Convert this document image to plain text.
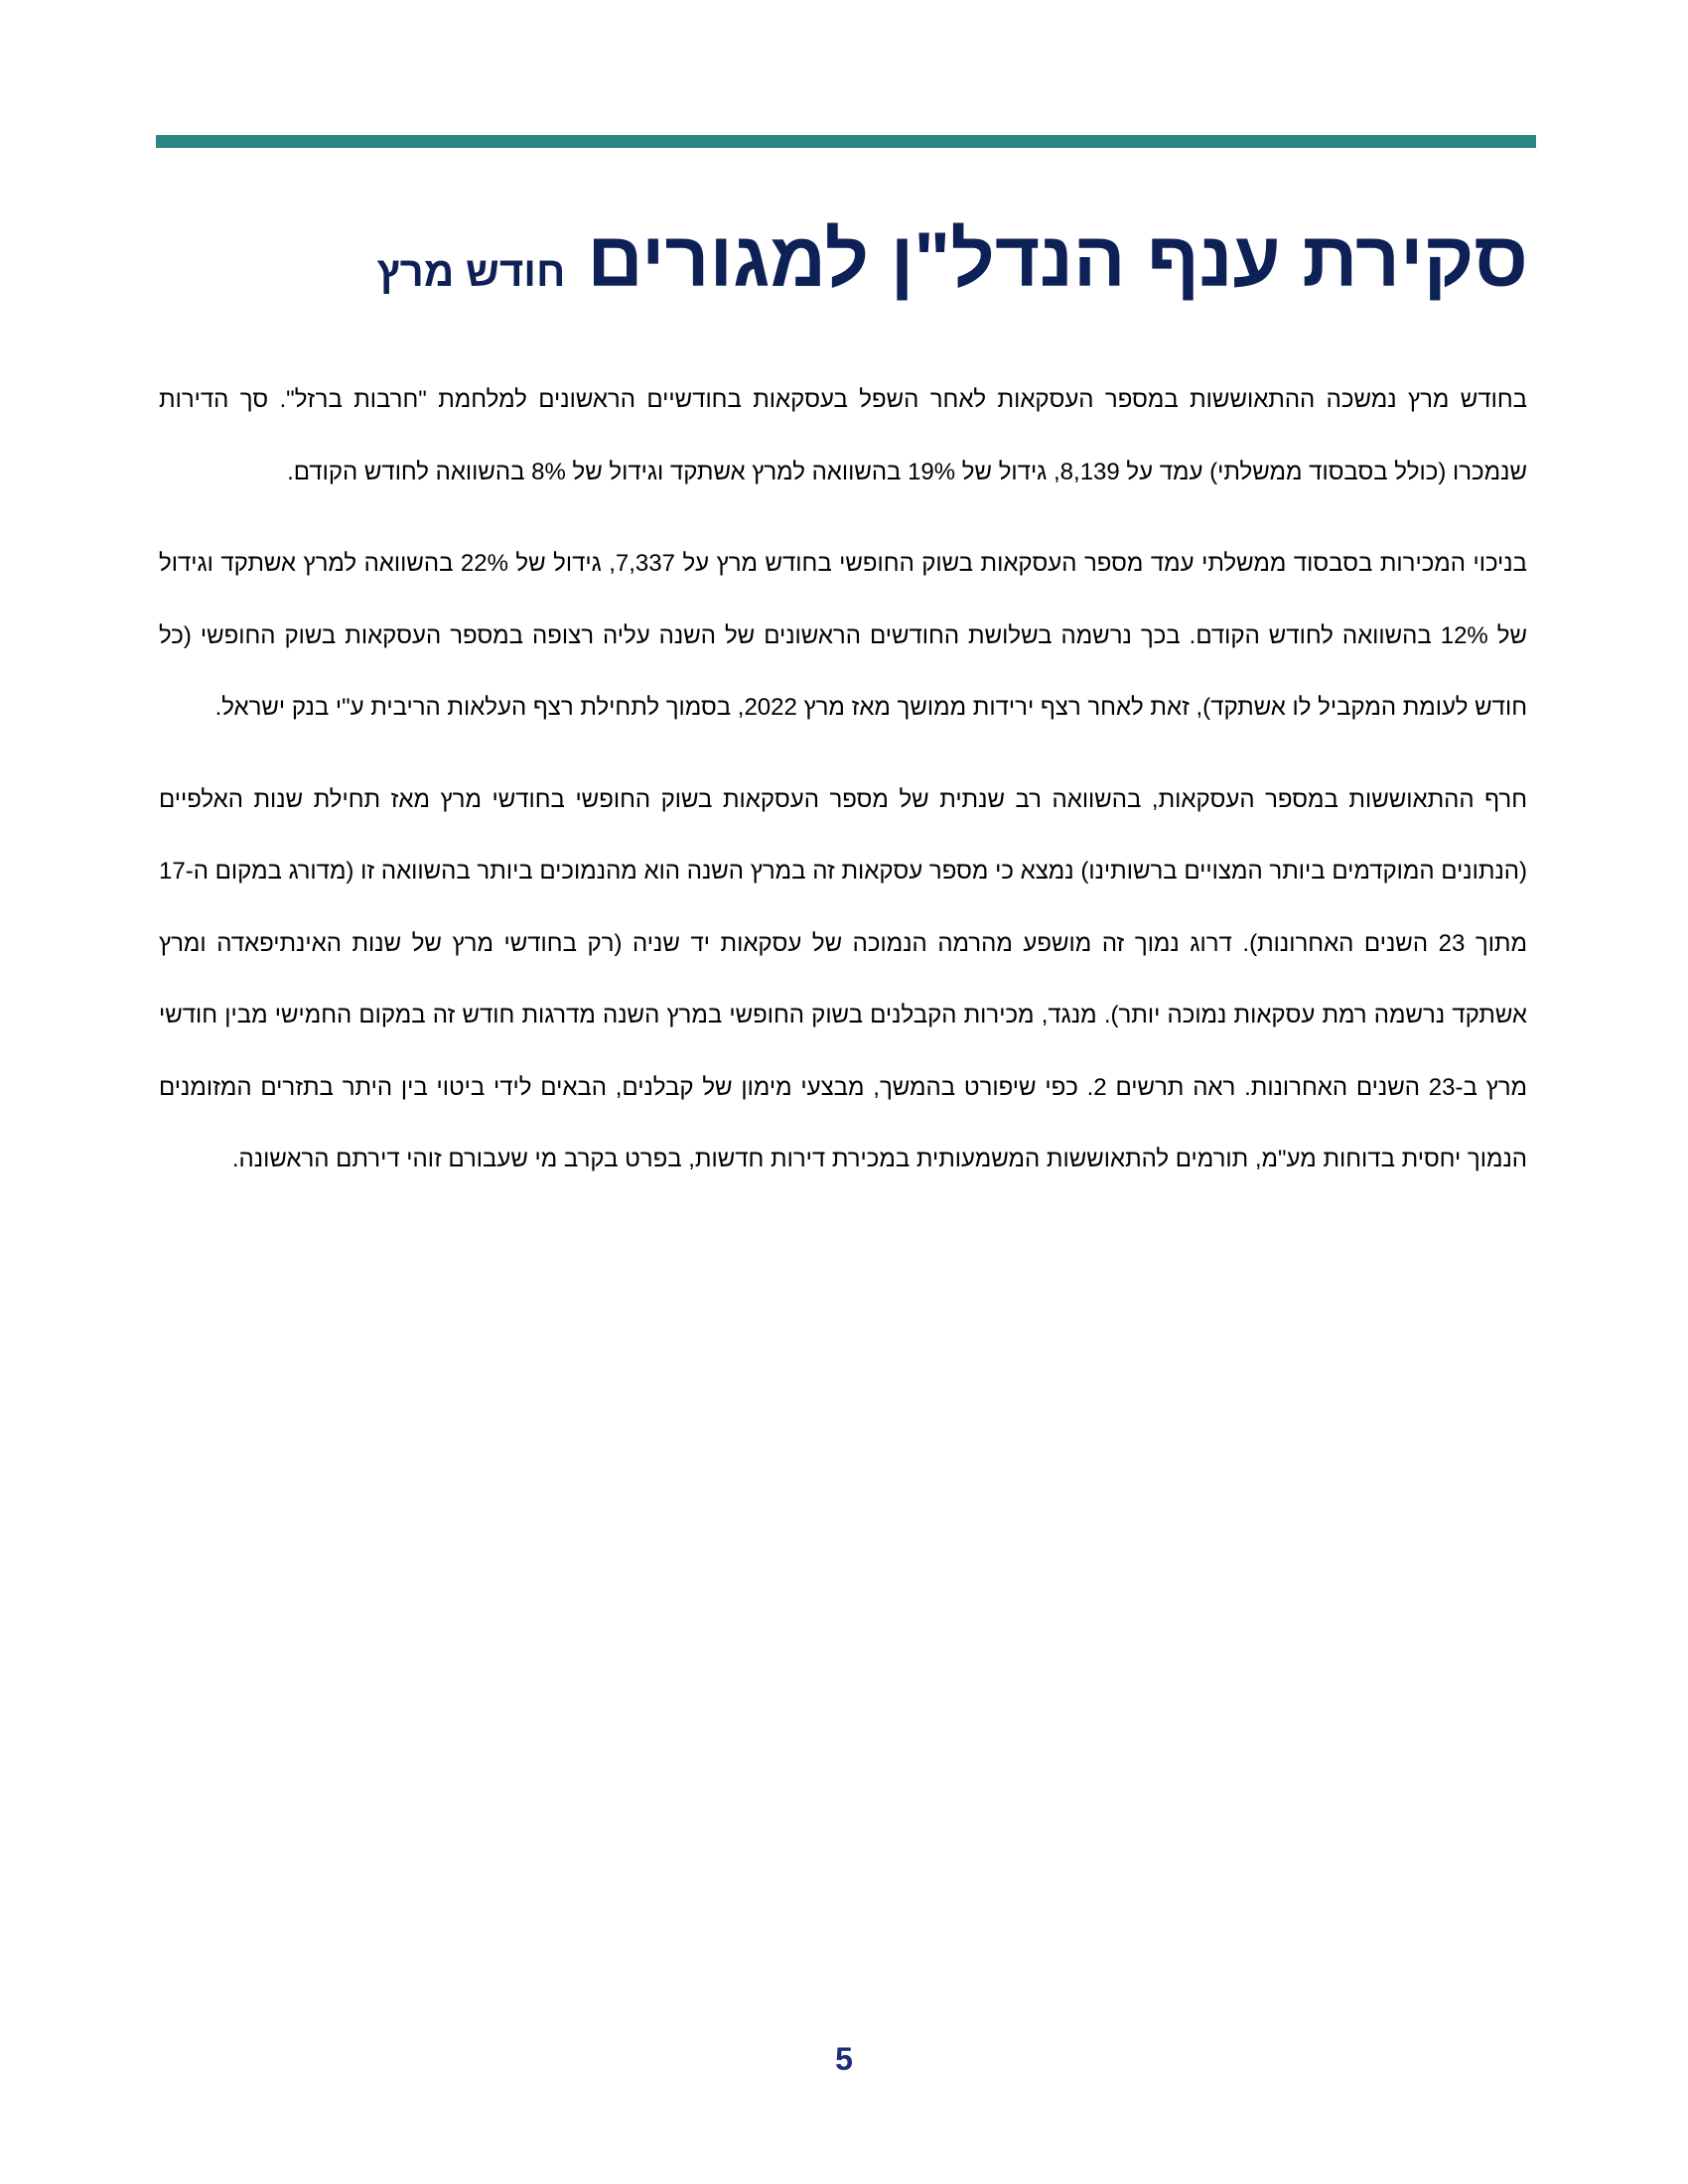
סקירת ענף הנדל"ן למגוריםחודש מרץ

בחודש מרץ נמשכה ההתאוששות במספר העסקאות לאחר השפל בעסקאות בחודשיים הראשונים למלחמת "חרבות ברזל". סך הדירות שנמכרו (כולל בסבסוד ממשלתי) עמד על 8,139, גידול של 19% בהשוואה למרץ אשתקד וגידול של 8% בהשוואה לחודש הקודם.

בניכוי המכירות בסבסוד ממשלתי עמד מספר העסקאות בשוק החופשי בחודש מרץ על 7,337, גידול של 22% בהשוואה למרץ אשתקד וגידול של 12% בהשוואה לחודש הקודם. בכך נרשמה בשלושת החודשים הראשונים של השנה עליה רצופה במספר העסקאות בשוק החופשי (כל חודש לעומת המקביל לו אשתקד), זאת לאחר רצף ירידות ממושך מאז מרץ 2022, בסמוך לתחילת רצף העלאות הריבית ע"י בנק ישראל.

חרף ההתאוששות במספר העסקאות, בהשוואה רב שנתית של מספר העסקאות בשוק החופשי בחודשי מרץ מאז תחילת שנות האלפיים (הנתונים המוקדמים ביותר המצויים ברשותינו) נמצא כי מספר עסקאות זה במרץ השנה הוא מהנמוכים ביותר בהשוואה זו (מדורג במקום ה-17 מתוך 23 השנים האחרונות). דרוג נמוך זה מושפע מהרמה הנמוכה של עסקאות יד שניה (רק בחודשי מרץ של שנות האינתיפאדה ומרץ אשתקד נרשמה רמת עסקאות נמוכה יותר). מנגד, מכירות הקבלנים בשוק החופשי במרץ השנה מדרגות חודש זה במקום החמישי מבין חודשי מרץ ב-23 השנים האחרונות. ראה תרשים 2. כפי שיפורט בהמשך, מבצעי מימון של קבלנים, הבאים לידי ביטוי בין היתר בתזרים המזומנים הנמוך יחסית בדוחות מע"מ, תורמים להתאוששות המשמעותית במכירת דירות חדשות, בפרט בקרב מי שעבורם זוהי דירתם הראשונה.

5
